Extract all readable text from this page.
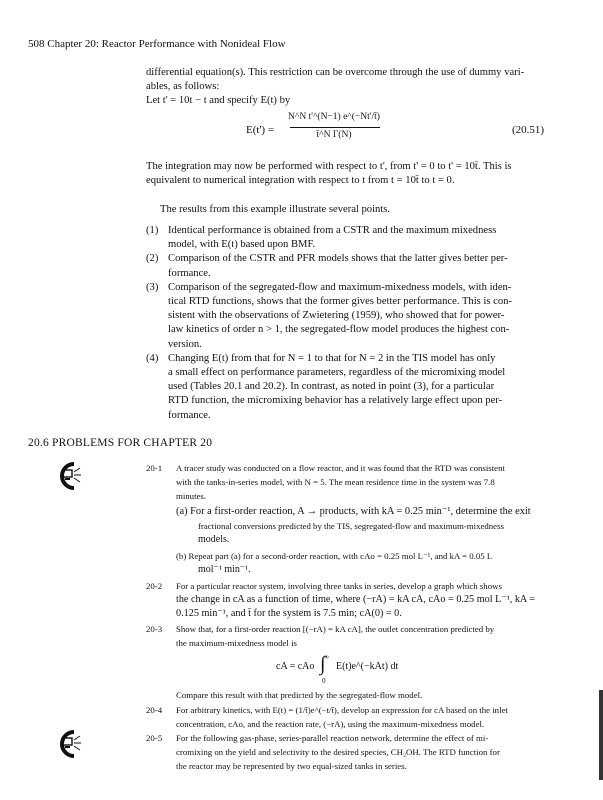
508 Chapter 20: Reactor Performance with Nonideal Flow
differential equation(s). This restriction can be overcome through the use of dummy vari-
ables, as follows:
Let t' = 10t − t and specify E(t) by
E(t') =
N^N t'^(N−1) e^(−Nt'/t̄)
t̄^N Γ(N)	(20.51)
The integration may now be performed with respect to t', from t' = 0 to t' = 10t̄. This is
equivalent to numerical integration with respect to t from t = 10t̄ to t = 0.
The results from this example illustrate several points.
(1) Identical performance is obtained from a CSTR and the maximum mixedness
model, with E(t) based upon BMF.
(2) Comparison of the CSTR and PFR models shows that the latter gives better per-
formance.
(3) Comparison of the segregated-flow and maximum-mixedness models, with iden-
tical RTD functions, shows that the former gives better performance. This is con-
sistent with the observations of Zwietering (1959), who showed that for power-
law kinetics of order n > 1, the segregated-flow model produces the highest con-
version.
(4) Changing E(t) from that for N = 1 to that for N = 2 in the TIS model has only
a small effect on performance parameters, regardless of the micromixing model
used (Tables 20.1 and 20.2). In contrast, as noted in point (3), for a particular
RTD function, the micromixing behavior has a relatively large effect upon per-
formance.
20.6 PROBLEMS FOR CHAPTER 20
20-1 A tracer study was conducted on a flow reactor, and it was found that the RTD was consistent
with the tanks-in-series model, with N = 5. The mean residence time in the system was 7.8
minutes.
(a) For a first-order reaction, A → products, with kA = 0.25 min⁻¹, determine the exit
fractional conversions predicted by the TIS, segregated-flow and maximum-mixedness
models.
(b) Repeat part (a) for a second-order reaction, with cAo = 0.25 mol L⁻¹, and kA = 0.05 L
mol⁻¹ min⁻¹.
20-2 For a particular reactor system, involving three tanks in series, develop a graph which shows
the change in cA as a function of time, where (−rA) = kA cA, cAo = 0.25 mol L⁻¹, kA =
0.125 min⁻¹, and t̄ for the system is 7.5 min; cA(0) = 0.
20-3 Show that, for a first-order reaction [(−rA) = kA cA], the outlet concentration predicted by
the maximum-mixedness model is
cA = cAo
∞
∫
0
E(t)e^(−kAt) dt
Compare this result with that predicted by the segregated-flow model.
20-4 For arbitrary kinetics, with E(t) = (1/t̄)e^(−t/t̄), develop an expression for cA based on the inlet
concentration, cAo, and the reaction rate, (−rA), using the maximum-mixedness model.
20-5 For the following gas-phase, series-parallel reaction network, determine the effect of mi-
cromixing on the yield and selectivity to the desired species, CH₂OH. The RTD function for
the reactor may be represented by two equal-sized tanks in series.
